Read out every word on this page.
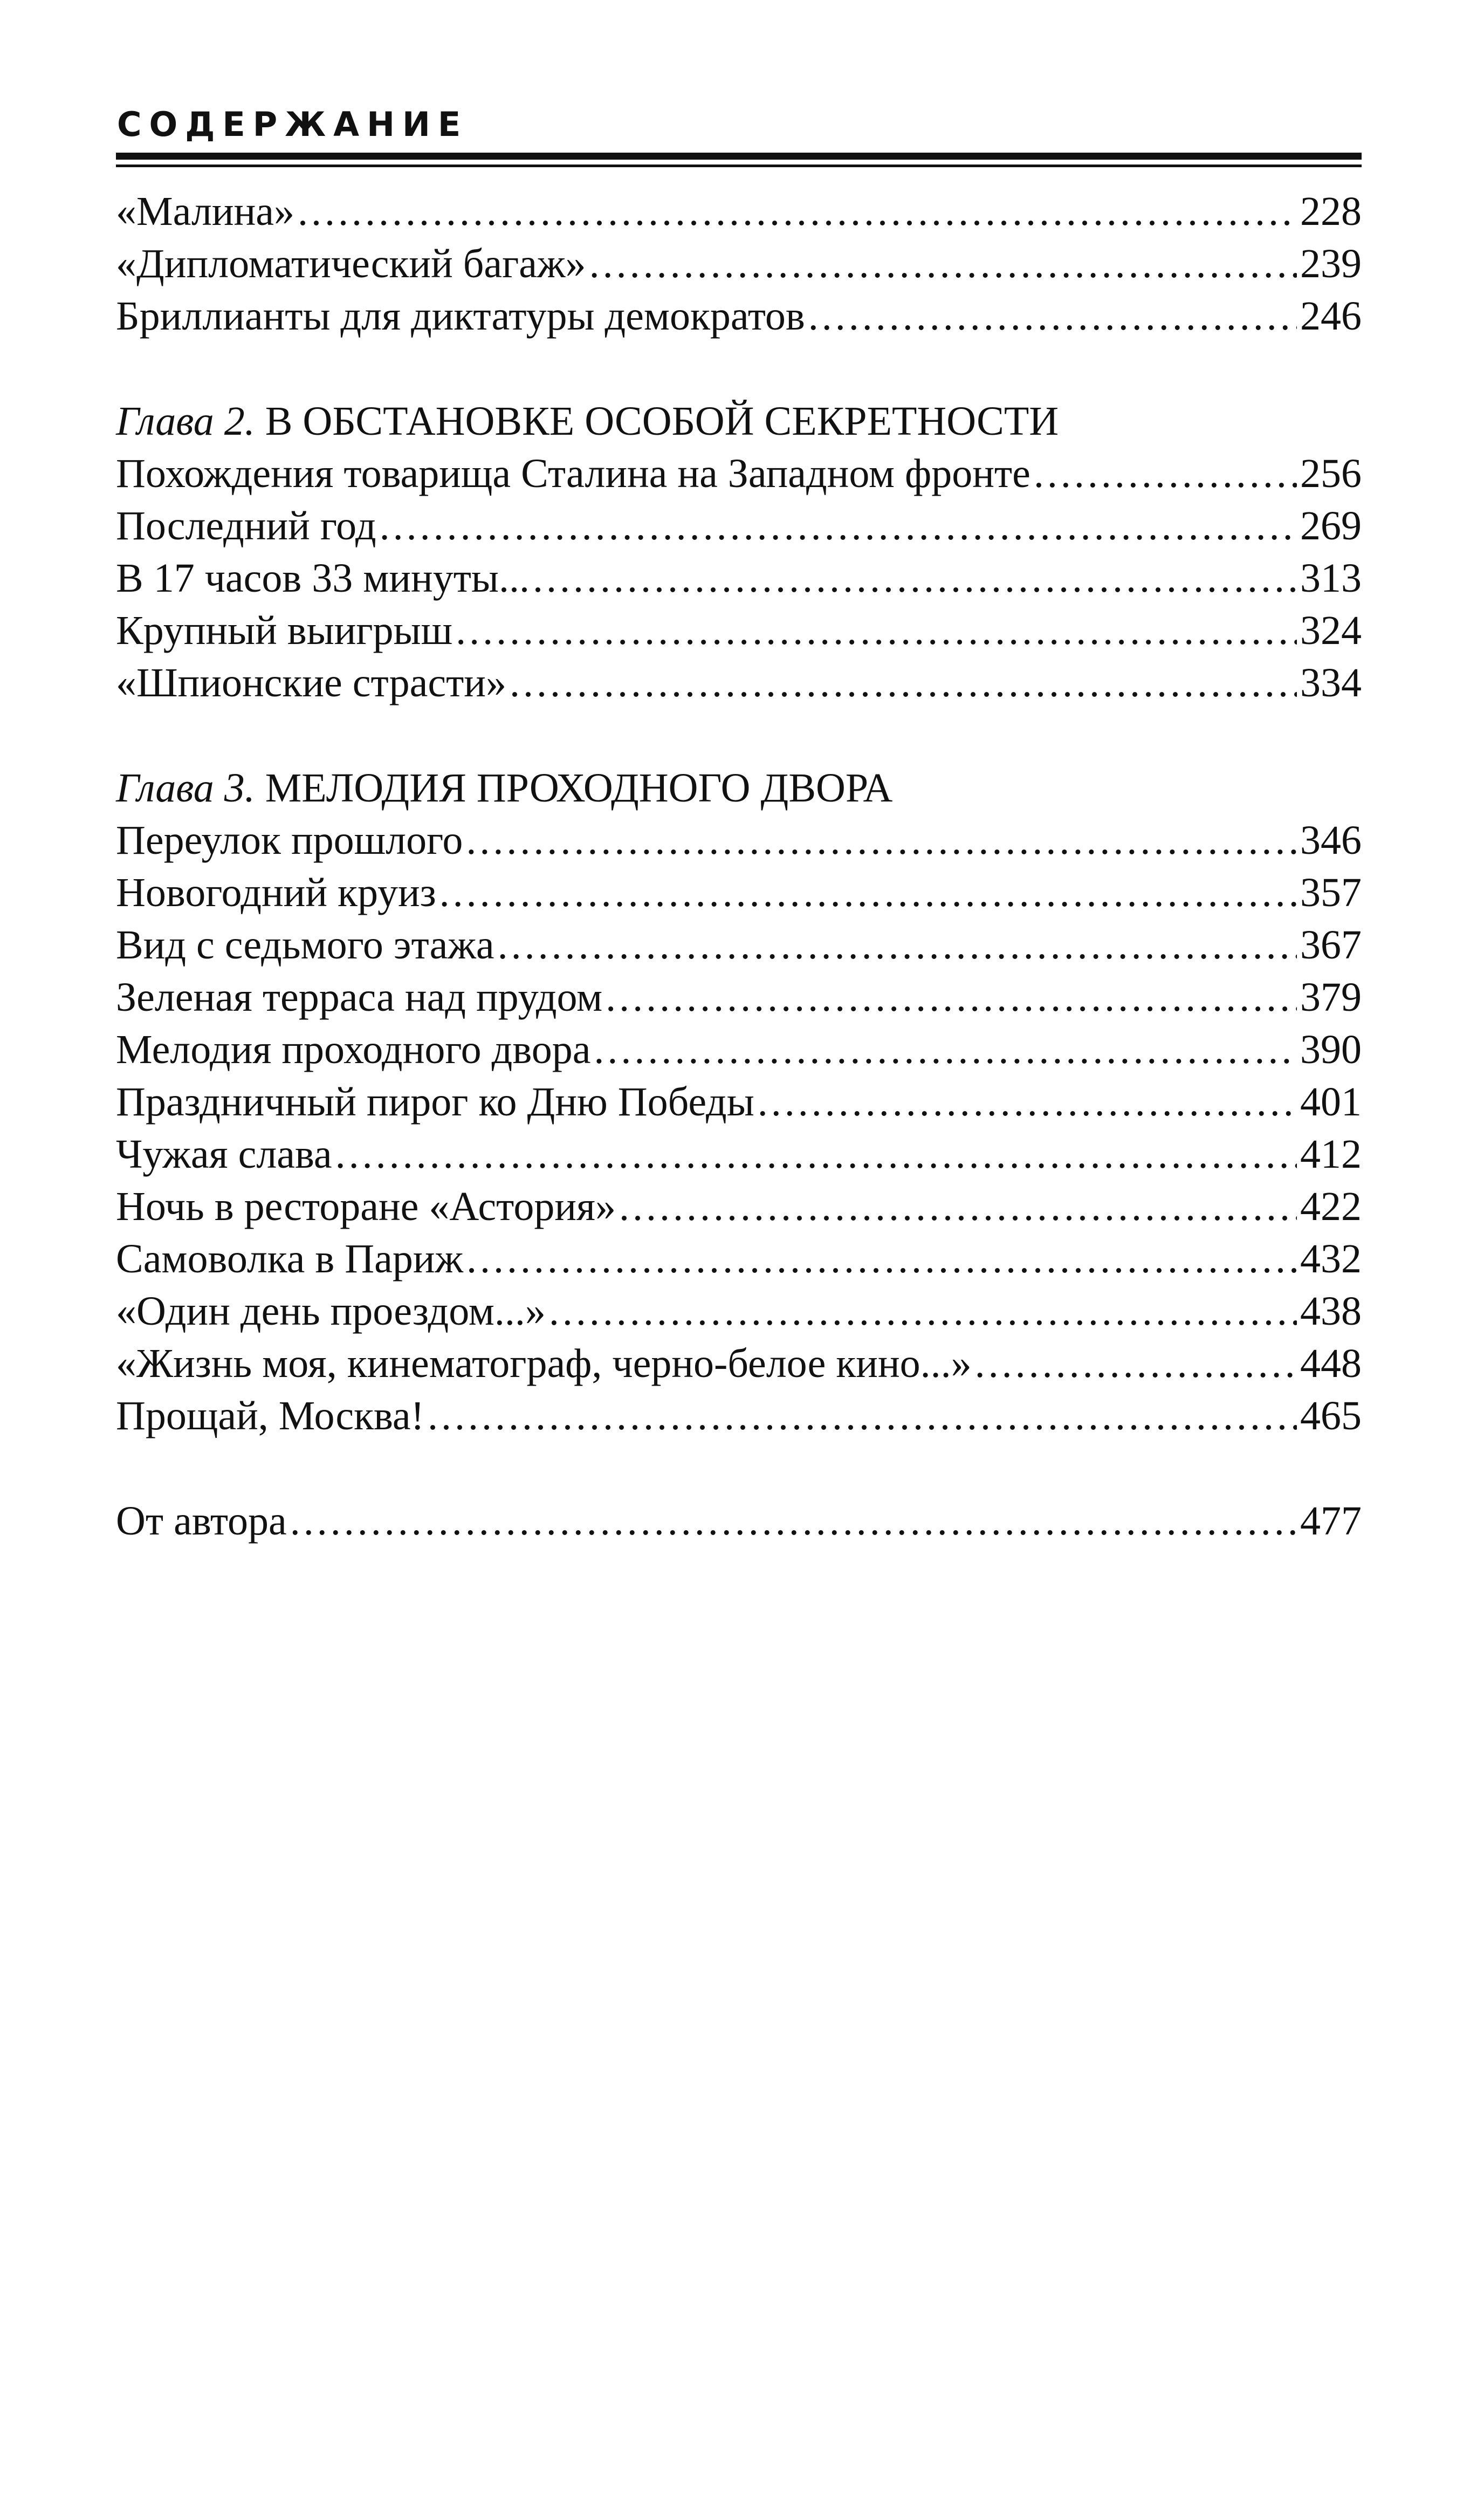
СОДЕРЖАНИЕ
«Малина» .....	228
«Дипломатический багаж» .....	239
Бриллианты для диктатуры демократов .....	246
Глава 2. В ОБСТАНОВКЕ ОСОБОЙ СЕКРЕТНОСТИ
Похождения товарища Сталина на Западном фронте .....	256
Последний год .....	269
В 17 часов 33 минуты... .....	313
Крупный выигрыш .....	324
«Шпионские страсти» .....	334
Глава 3. МЕЛОДИЯ ПРОХОДНОГО ДВОРА
Переулок прошлого .....	346
Новогодний круиз .....	357
Вид с седьмого этажа .....	367
Зеленая терраса над прудом .....	379
Мелодия проходного двора .....	390
Праздничный пирог ко Дню Победы .....	401
Чужая слава .....	412
Ночь в ресторане «Астория» .....	422
Самоволка в Париж .....	432
«Один день проездом...» .....	438
«Жизнь моя, кинематограф, черно-белое кино...» .....	448
Прощай, Москва! .....	465
От автора .....	477
